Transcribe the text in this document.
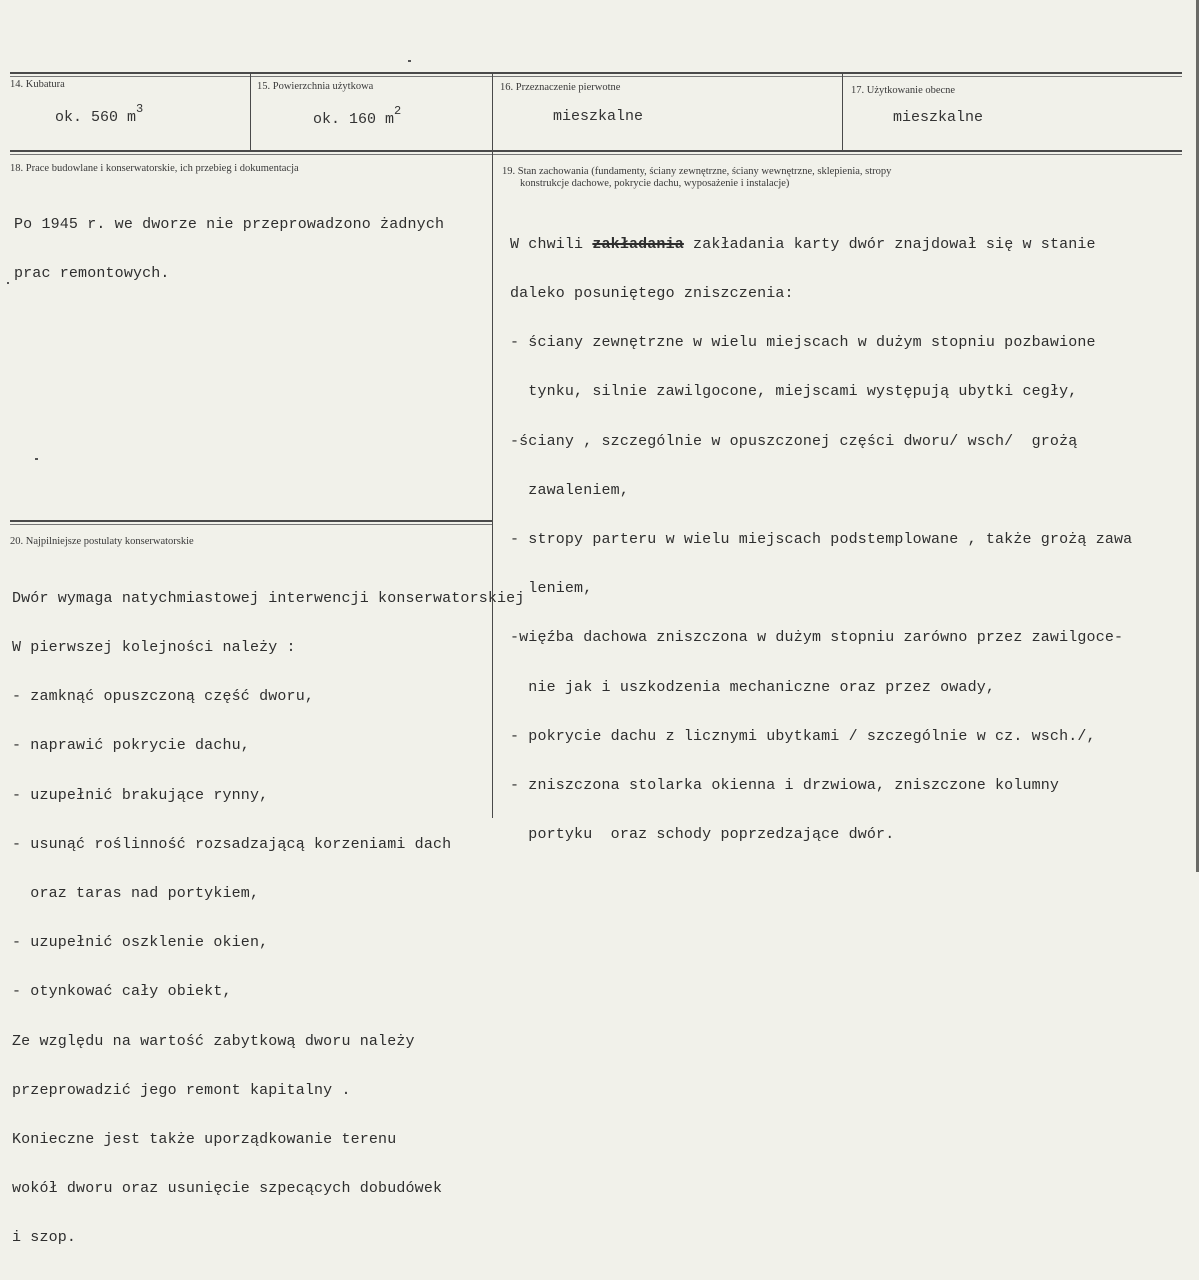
14. Kubatura
ok. 560 $m^3$
15. Powierzchnia użytkowa
ok. 160 $m^2$
16. Przeznaczenie pierwotne
mieszkalne
17. Użytkowanie obecne
mieszkalne
18. Prace budowlane i konserwatorskie, ich przebieg i dokumentacja

Po 1945 r. we dworze nie przeprowadzono żadnych

prac remontowych.

19. Stan zachowania (fundamenty, ściany zewnętrzne, ściany wewnętrzne, sklepienia, stropy
konstrukcje dachowe, pokrycie dachu, wyposażenie i instalacje)

W chwili zakładania zakładania karty dwór znajdował się w stanie

daleko posuniętego zniszczenia:

- ściany zewnętrzne w wielu miejscach w dużym stopniu pozbawione

tynku, silnie zawilgocone, miejscami występują ubytki cegły,

-ściany , szczególnie w opuszczonej części dworu/ wsch/  grożą

zawaleniem,

- stropy parteru w wielu miejscach podstemplowane , także grożą zawa

leniem,

-więźba dachowa zniszczona w dużym stopniu zarówno przez zawilgoce-

nie jak i uszkodzenia mechaniczne oraz przez owady,

- pokrycie dachu z licznymi ubytkami / szczególnie w cz. wsch./,

- zniszczona stolarka okienna i drzwiowa, zniszczone kolumny

portyku  oraz schody poprzedzające dwór.

20. Najpilniejsze postulaty konserwatorskie

Dwór wymaga natychmiastowej interwencji konserwatorskiej

W pierwszej kolejności należy :

- zamknąć opuszczoną część dworu,

- naprawić pokrycie dachu,

- uzupełnić brakujące rynny,

- usunąć roślinność rozsadzającą korzeniami dach

oraz taras nad portykiem,

- uzupełnić oszklenie okien,

- otynkować cały obiekt,

Ze względu na wartość zabytkową dworu należy

przeprowadzić jego remont kapitalny .

Konieczne jest także uporządkowanie terenu

wokół dworu oraz usunięcie szpecących dobudówek

i szop.
